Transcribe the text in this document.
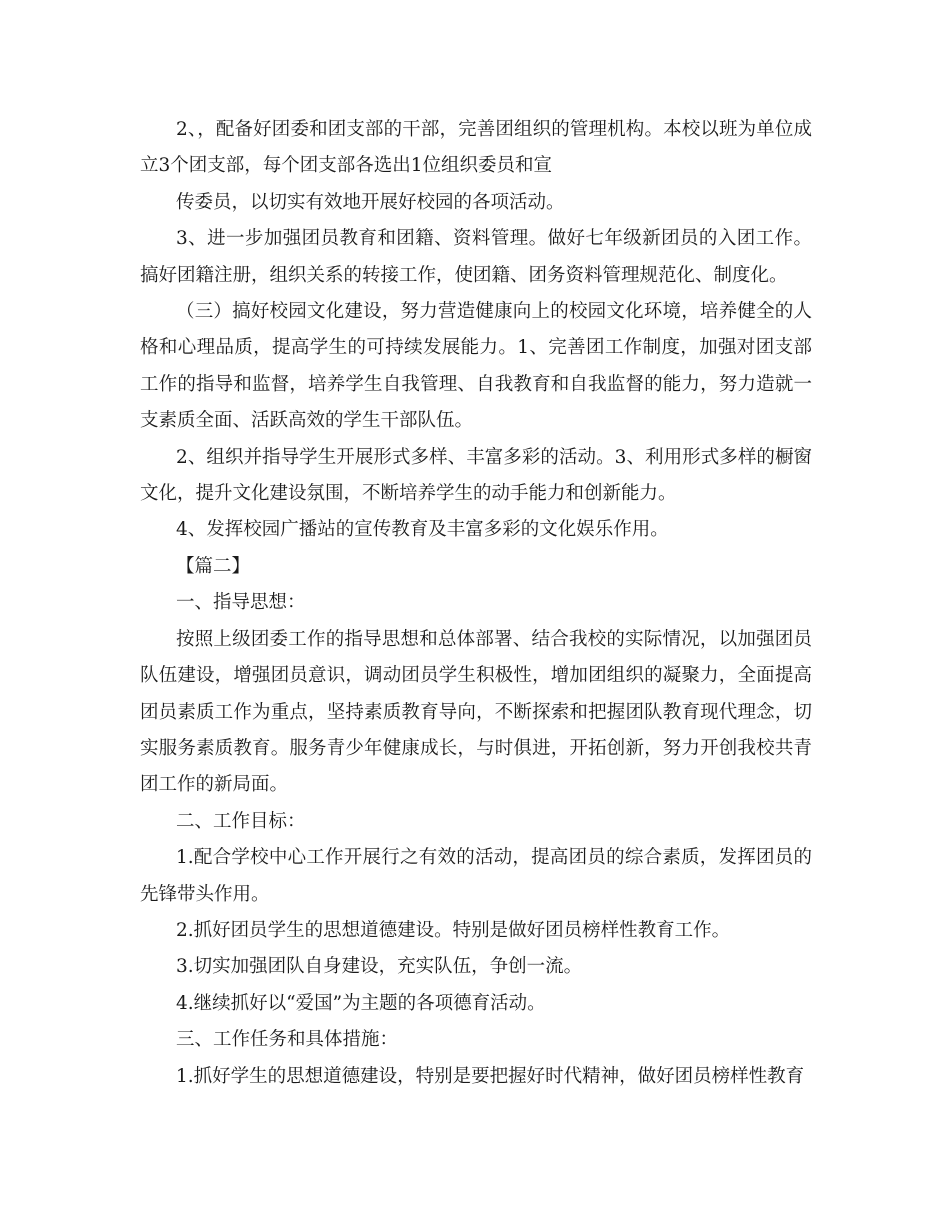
2、，配备好团委和团支部的干部，完善团组织的管理机构。本校以班为单位成立3个团支部，每个团支部各选出1位组织委员和宣

传委员，以切实有效地开展好校园的各项活动。

3、进一步加强团员教育和团籍、资料管理。做好七年级新团员的入团工作。搞好团籍注册，组织关系的转接工作，使团籍、团务资料管理规范化、制度化。

（三）搞好校园文化建设，努力营造健康向上的校园文化环境，培养健全的人格和心理品质，提高学生的可持续发展能力。1、完善团工作制度，加强对团支部工作的指导和监督，培养学生自我管理、自我教育和自我监督的能力，努力造就一支素质全面、活跃高效的学生干部队伍。

2、组织并指导学生开展形式多样、丰富多彩的活动。3、利用形式多样的橱窗文化，提升文化建设氛围，不断培养学生的动手能力和创新能力。

4、发挥校园广播站的宣传教育及丰富多彩的文化娱乐作用。

【篇二】

一、指导思想：

按照上级团委工作的指导思想和总体部署、结合我校的实际情况，以加强团员队伍建设，增强团员意识，调动团员学生积极性，增加团组织的凝聚力，全面提高团员素质工作为重点，坚持素质教育导向，不断探索和把握团队教育现代理念，切实服务素质教育。服务青少年健康成长，与时俱进，开拓创新，努力开创我校共青团工作的新局面。

二、工作目标：

1.配合学校中心工作开展行之有效的活动，提高团员的综合素质，发挥团员的先锋带头作用。

2.抓好团员学生的思想道德建设。特别是做好团员榜样性教育工作。

3.切实加强团队自身建设，充实队伍，争创一流。

4.继续抓好以“爱国”为主题的各项德育活动。

三、工作任务和具体措施：

1.抓好学生的思想道德建设，特别是要把握好时代精神，做好团员榜样性教育
